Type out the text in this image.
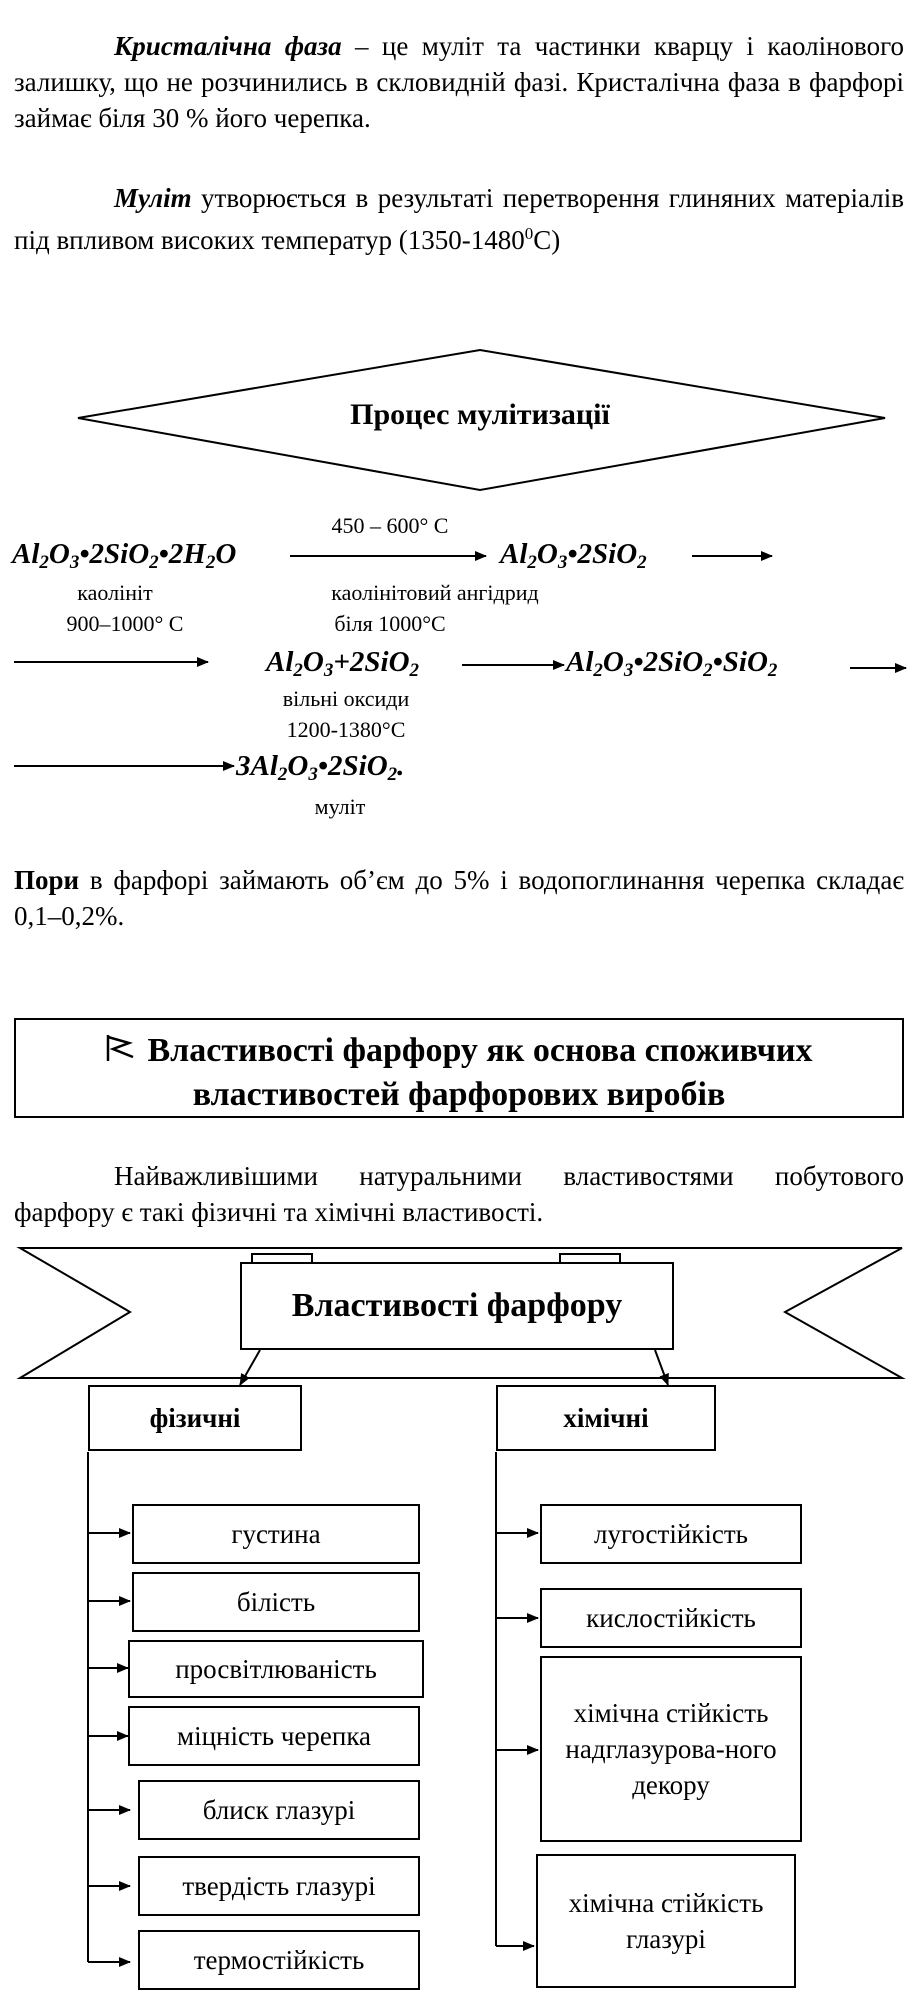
Кристалічна фаза – це муліт та частинки кварцу і каолінового залишку, що не розчинились в скловидній фазі. Кристалічна фаза в фарфорі займає біля 30 % його черепка.

Муліт утворюється в результаті перетворення глиняних матеріалів під впливом високих температур (1350-1480$^0$C)

Процес мулітизації
450 – 600° C
$Al_2O_3•2SiO_2•2H_2O$	$Al_2O_3•2SiO_2$
каолініт	каолінітовий ангідрид
900–1000° С	біля 1000°С
$Al_2O_3+2SiO_2$	$Al_2O_3•2SiO_2•SiO_2$
вільні оксиди
1200-1380°С
$3Al_2O_3•2SiO_2$.
муліт

Пори в фарфорі займають об’єм до 5% і водопоглинання черепка складає 0,1–0,2%.

Властивості фарфору як основа споживчих властивостей фарфорових виробів

Найважливішими натуральними властивостями побутового фарфору є такі фізичні та хімічні властивості.

Властивості фарфору
фізичні	хімічні
густина
білість
просвітлюваність
міцність черепка
блиск глазурі
твердість глазурі
термостійкість
лугостійкість
кислостійкість
хімічна стійкість надглазурова-ного декору
хімічна стійкість глазурі
